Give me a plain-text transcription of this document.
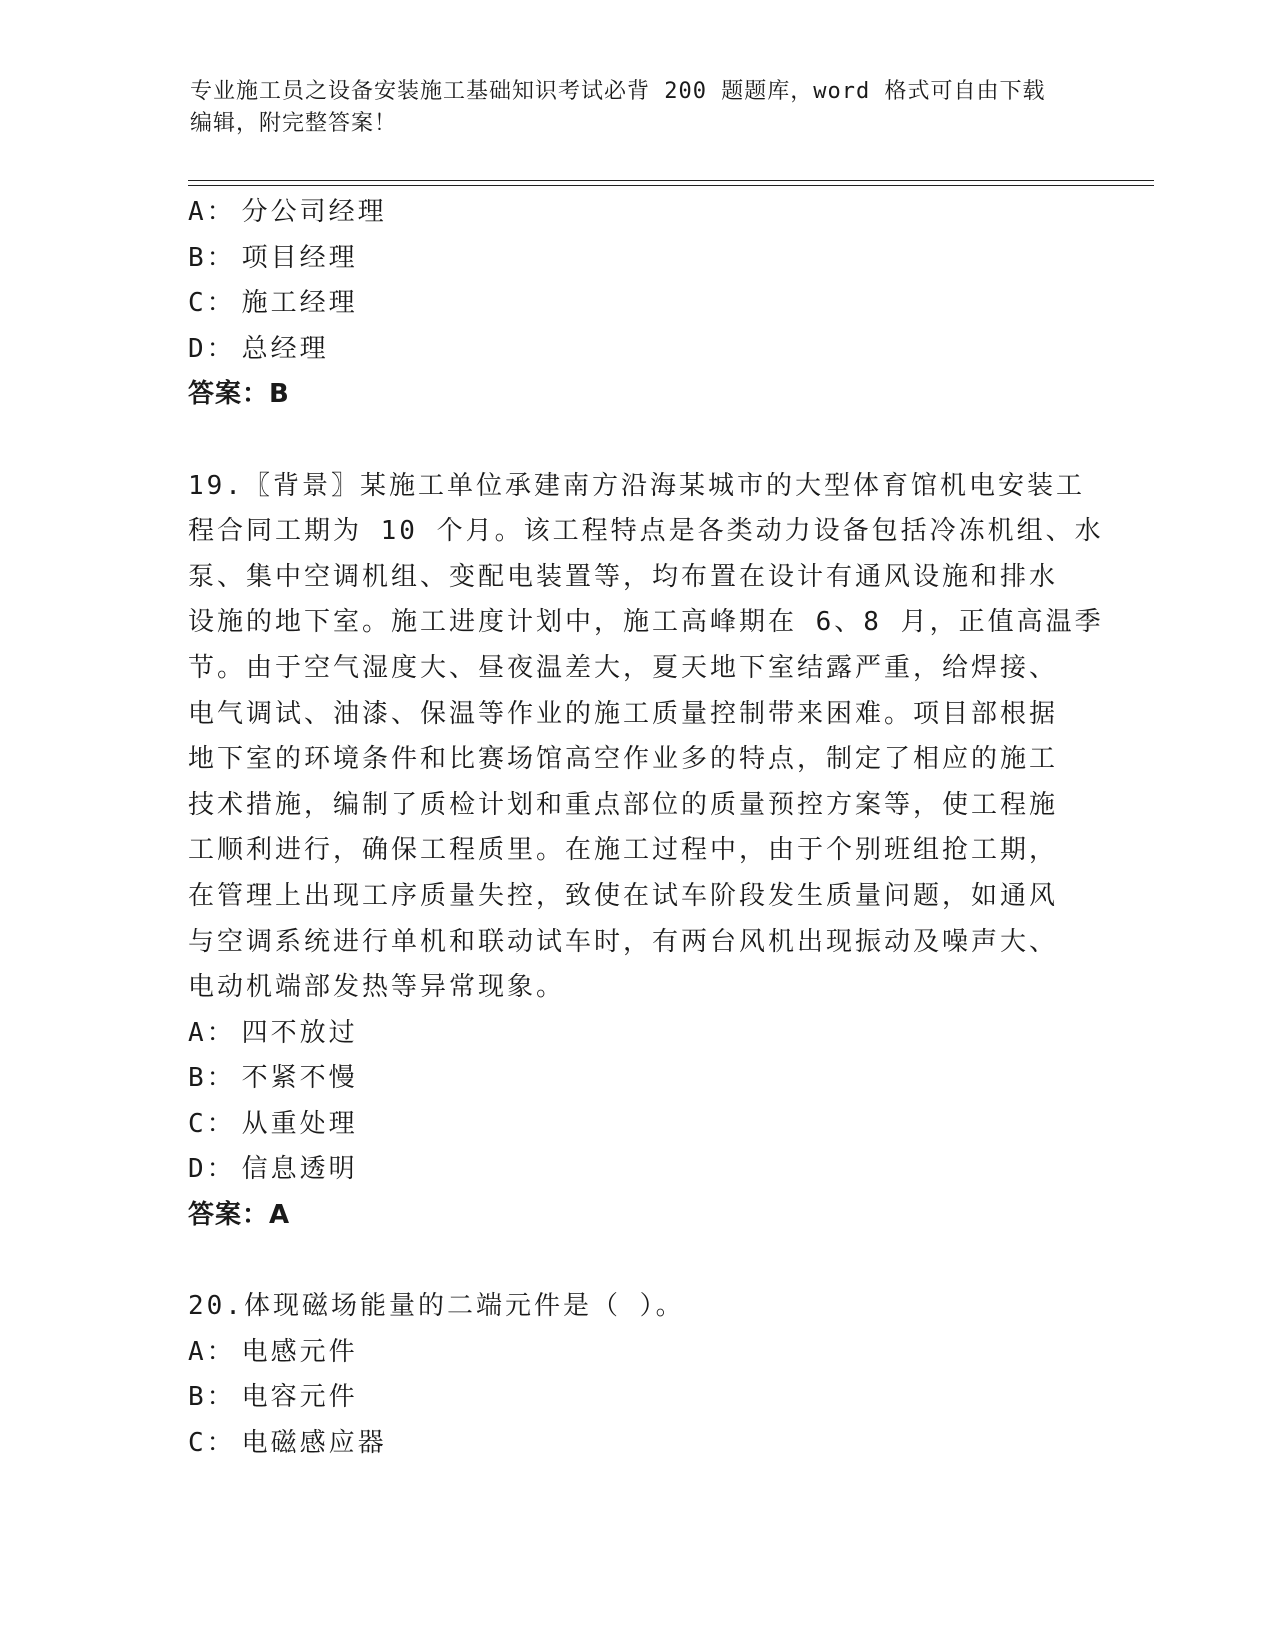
专业施工员之设备安装施工基础知识考试必背 200 题题库，word 格式可自由下载
编辑，附完整答案！
A： 分公司经理
B： 项目经理
C： 施工经理
D： 总经理
答案：B
19.〖背景〗某施工单位承建南方沿海某城市的大型体育馆机电安装工
程合同工期为 10 个月。该工程特点是各类动力设备包括冷冻机组、水
泵、集中空调机组、变配电装置等，均布置在设计有通风设施和排水
设施的地下室。施工进度计划中，施工高峰期在 6、8 月，正值高温季
节。由于空气湿度大、昼夜温差大，夏天地下室结露严重，给焊接、
电气调试、油漆、保温等作业的施工质量控制带来困难。项目部根据
地下室的环境条件和比赛场馆高空作业多的特点，制定了相应的施工
技术措施，编制了质检计划和重点部位的质量预控方案等，使工程施
工顺利进行，确保工程质里。在施工过程中，由于个别班组抢工期，
在管理上出现工序质量失控，致使在试车阶段发生质量问题，如通风
与空调系统进行单机和联动试车时，有两台风机出现振动及噪声大、
电动机端部发热等异常现象。
A： 四不放过
B： 不紧不慢
C： 从重处理
D： 信息透明
答案：A
20.体现磁场能量的二端元件是（ ）。
A： 电感元件
B： 电容元件
C： 电磁感应器
